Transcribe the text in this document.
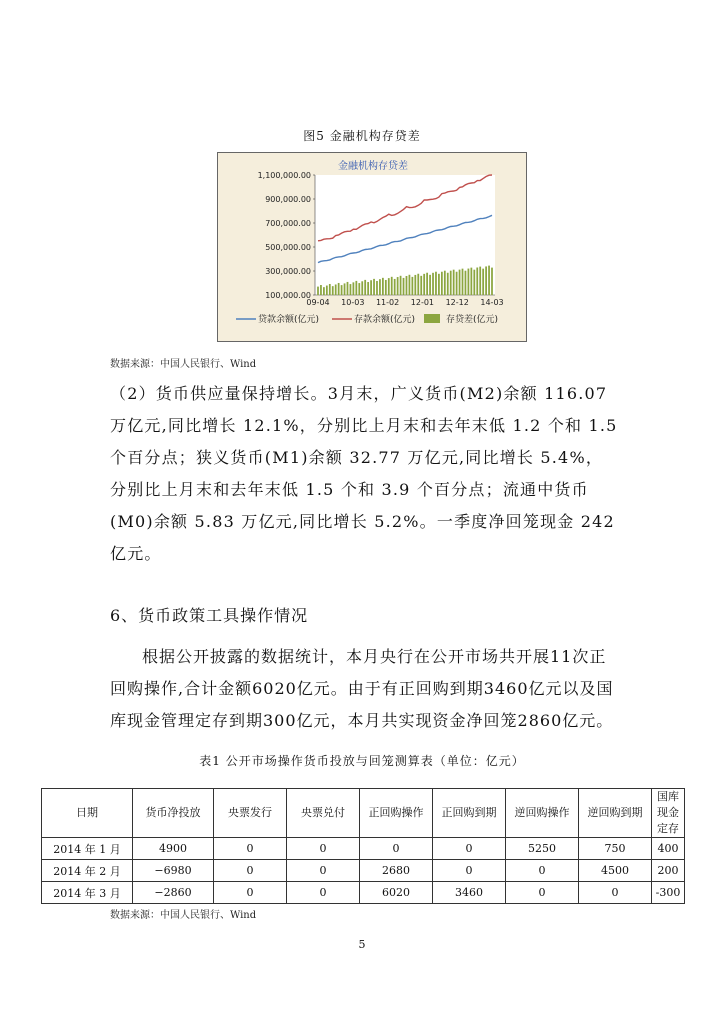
图5 金融机构存贷差
金融机构存贷差
1,100,000.00
900,000.00
700,000.00
500,000.00
300,000.00
100,000.00
09-04 10-03 11-02 12-01 12-12 14-03
贷款余额(亿元)	存款余额(亿元)	存贷差(亿元)
数据来源：中国人民银行、Wind
（2）货币供应量保持增长。3月末，广义货币(M2)余额 116.07 万亿元,同比增长 12.1%，分别比上月末和去年末低 1.2 个和 1.5 个百分点；狭义货币(M1)余额 32.77 万亿元,同比增长 5.4%，分别比上月末和去年末低 1.5 个和 3.9 个百分点；流通中货币(M0)余额 5.83 万亿元,同比增长 5.2%。一季度净回笼现金 242 亿元。
6、货币政策工具操作情况
根据公开披露的数据统计，本月央行在公开市场共开展11次正回购操作,合计金额6020亿元。由于有正回购到期3460亿元以及国库现金管理定存到期300亿元，本月共实现资金净回笼2860亿元。
表1 公开市场操作货币投放与回笼测算表（单位：亿元）
日期	货币净投放	央票发行	央票兑付	正回购操作	正回购到期	逆回购操作	逆回购到期	国库现金定存
2014 年 1 月	4900	0	0	0	0	5250	750	400
2014 年 2 月	−6980	0	0	2680	0	0	4500	200
2014 年 3 月	−2860	0	0	6020	3460	0	0	-300
数据来源：中国人民银行、Wind
5
